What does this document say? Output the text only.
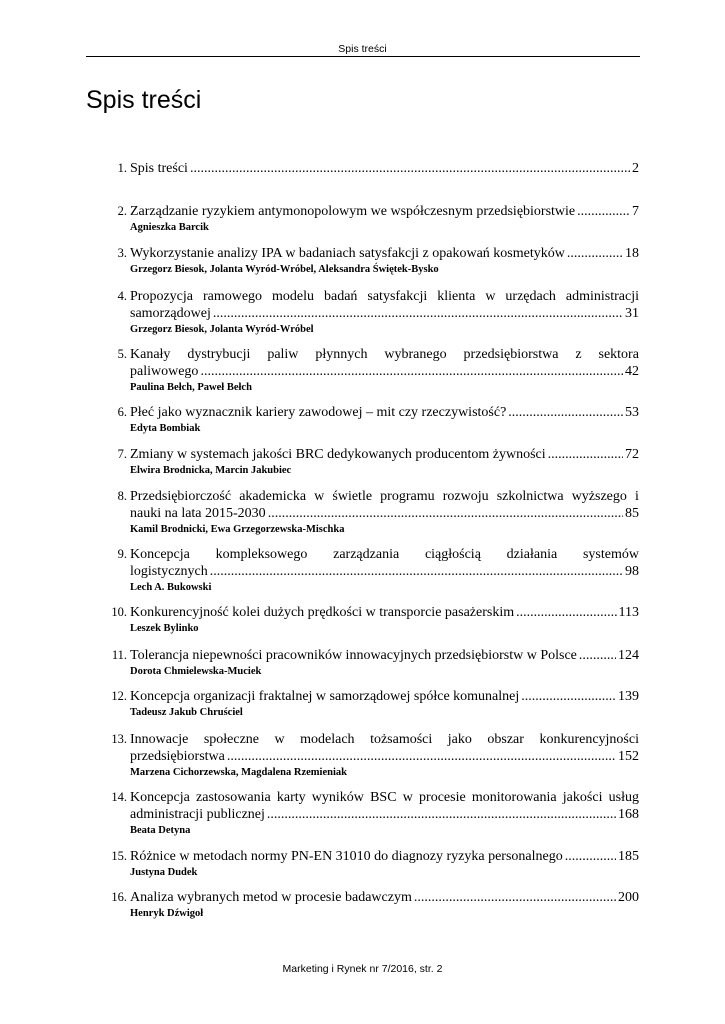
Spis treści
Spis treści
1. Spis treści .....	2
2. Zarządzanie ryzykiem antymonopolowym we współczesnym przedsiębiorstwie .....	7
Agnieszka Barcik
3. Wykorzystanie analizy IPA w badaniach satysfakcji z opakowań kosmetyków .....	18
Grzegorz Biesok, Jolanta Wyród-Wróbel, Aleksandra Świętek-Bysko
4. Propozycja ramowego modelu badań satysfakcji klienta w urzędach administracji
samorządowej .....	31
Grzegorz Biesok, Jolanta Wyród-Wróbel
5. Kanały dystrybucji paliw płynnych wybranego przedsiębiorstwa z sektora
paliwowego .....	42
Paulina Bełch, Paweł Bełch
6. Płeć jako wyznacznik kariery zawodowej – mit czy rzeczywistość? .....	53
Edyta Bombiak
7. Zmiany w systemach jakości BRC dedykowanych producentom żywności .....	72
Elwira Brodnicka, Marcin Jakubiec
8. Przedsiębiorczość akademicka w świetle programu rozwoju szkolnictwa wyższego i
nauki na lata 2015-2030 .....	85
Kamil Brodnicki, Ewa Grzegorzewska-Mischka
9. Koncepcja kompleksowego zarządzania ciągłością działania systemów
logistycznych .....	98
Lech A. Bukowski
10. Konkurencyjność kolei dużych prędkości w transporcie pasażerskim .....	113
Leszek Bylinko
11. Tolerancja niepewności pracowników innowacyjnych przedsiębiorstw w Polsce .....	124
Dorota Chmielewska-Muciek
12. Koncepcja organizacji fraktalnej w samorządowej spółce komunalnej .....	139
Tadeusz Jakub Chruściel
13. Innowacje społeczne w modelach tożsamości jako obszar konkurencyjności
przedsiębiorstwa .....	152
Marzena Cichorzewska, Magdalena Rzemieniak
14. Koncepcja zastosowania karty wyników BSC w procesie monitorowania jakości usług
administracji publicznej .....	168
Beata Detyna
15. Różnice w metodach normy PN-EN 31010 do diagnozy ryzyka personalnego .....	185
Justyna Dudek
16. Analiza wybranych metod w procesie badawczym .....	200
Henryk Dźwigoł
Marketing i Rynek nr 7/2016, str. 2
